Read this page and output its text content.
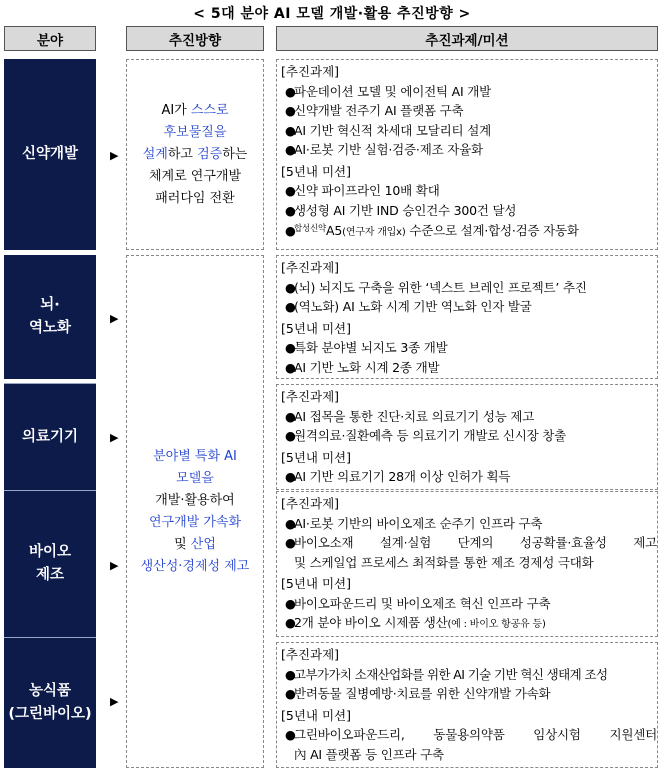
< 5대 분야 AI 모델 개발·활용 추진방향 >
분야	추진방향	추진과제/미션
신약개발
뇌·
역노화
의료기기
바이오
제조
농식품
(그린바이오)
▶
▶
▶
▶
▶
AI가 스스로
후보물질을
설계하고 검증하는
체계로 연구개발
패러다임 전환
분야별 특화 AI
모델을
개발·활용하여
연구개발 가속화
및 산업
생산성·경제성 제고
[추진과제]
●파운데이션 모델 및 에이전틱 AI 개발
●신약개발 전주기 AI 플랫폼 구축
●AI 기반 혁신적 차세대 모달리티 설계
●AI·로봇 기반 실험·검증·제조 자율화
[5년내 미션]
●신약 파이프라인 10배 확대
●생성형 AI 기반 IND 승인건수 300건 달성
●$^{합성신약}$A5(연구자 개입x) 수준으로 설계·합성·검증 자동화
[추진과제]
●(뇌) 뇌지도 구축을 위한 ‘넥스트 브레인 프로젝트’ 추진
●(역노화) AI 노화 시계 기반 역노화 인자 발굴
[5년내 미션]
●특화 분야별 뇌지도 3종 개발
●AI 기반 노화 시계 2종 개발
[추진과제]
●AI 접목을 통한 진단·치료 의료기기 성능 제고
●원격의료·질환예측 등 의료기기 개발로 신시장 창출
[5년내 미션]
●AI 기반 의료기기 28개 이상 인허가 획득
[추진과제]
●AI·로봇 기반의 바이오제조 순주기 인프라 구축
●바이오소재 설계·실험 단계의 성공확률·효율성 제고
및 스케일업 프로세스 최적화를 통한 제조 경제성 극대화
[5년내 미션]
●바이오파운드리 및 바이오제조 혁신 인프라 구축
●2개 분야 바이오 시제품 생산(예 : 바이오 항공유 등)
[추진과제]
●고부가가치 소재산업화를 위한 AI 기술 기반 혁신 생태계 조성
●반려동물 질병예방·치료를 위한 신약개발 가속화
[5년내 미션]
●그린바이오파운드리, 동물용의약품 임상시험 지원센터
內 AI 플랫폼 등 인프라 구축
